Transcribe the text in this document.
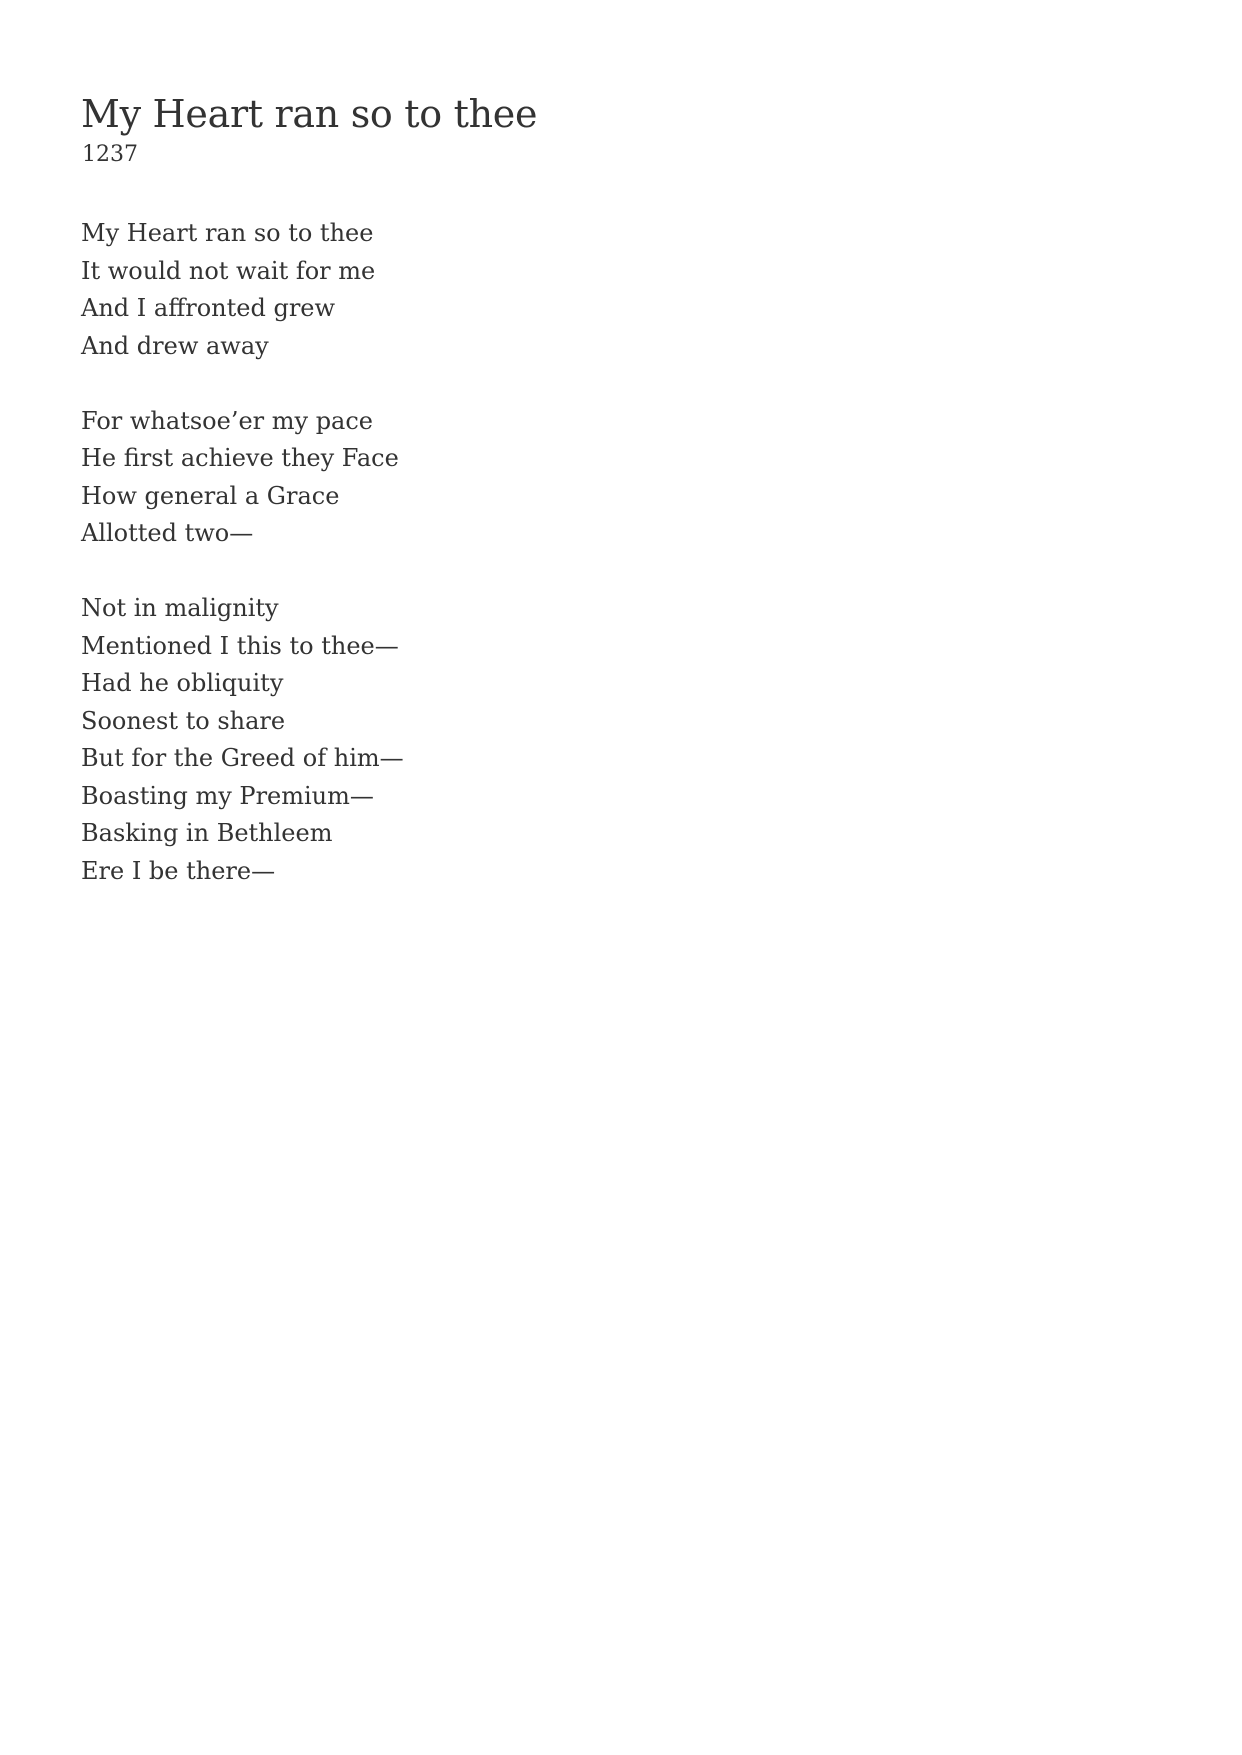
My Heart ran so to thee
1237
My Heart ran so to thee
It would not wait for me
And I affronted grew
And drew away
For whatsoe’er my pace
He first achieve they Face
How general a Grace
Allotted two—
Not in malignity
Mentioned I this to thee—
Had he obliquity
Soonest to share
But for the Greed of him—
Boasting my Premium—
Basking in Bethleem
Ere I be there—
